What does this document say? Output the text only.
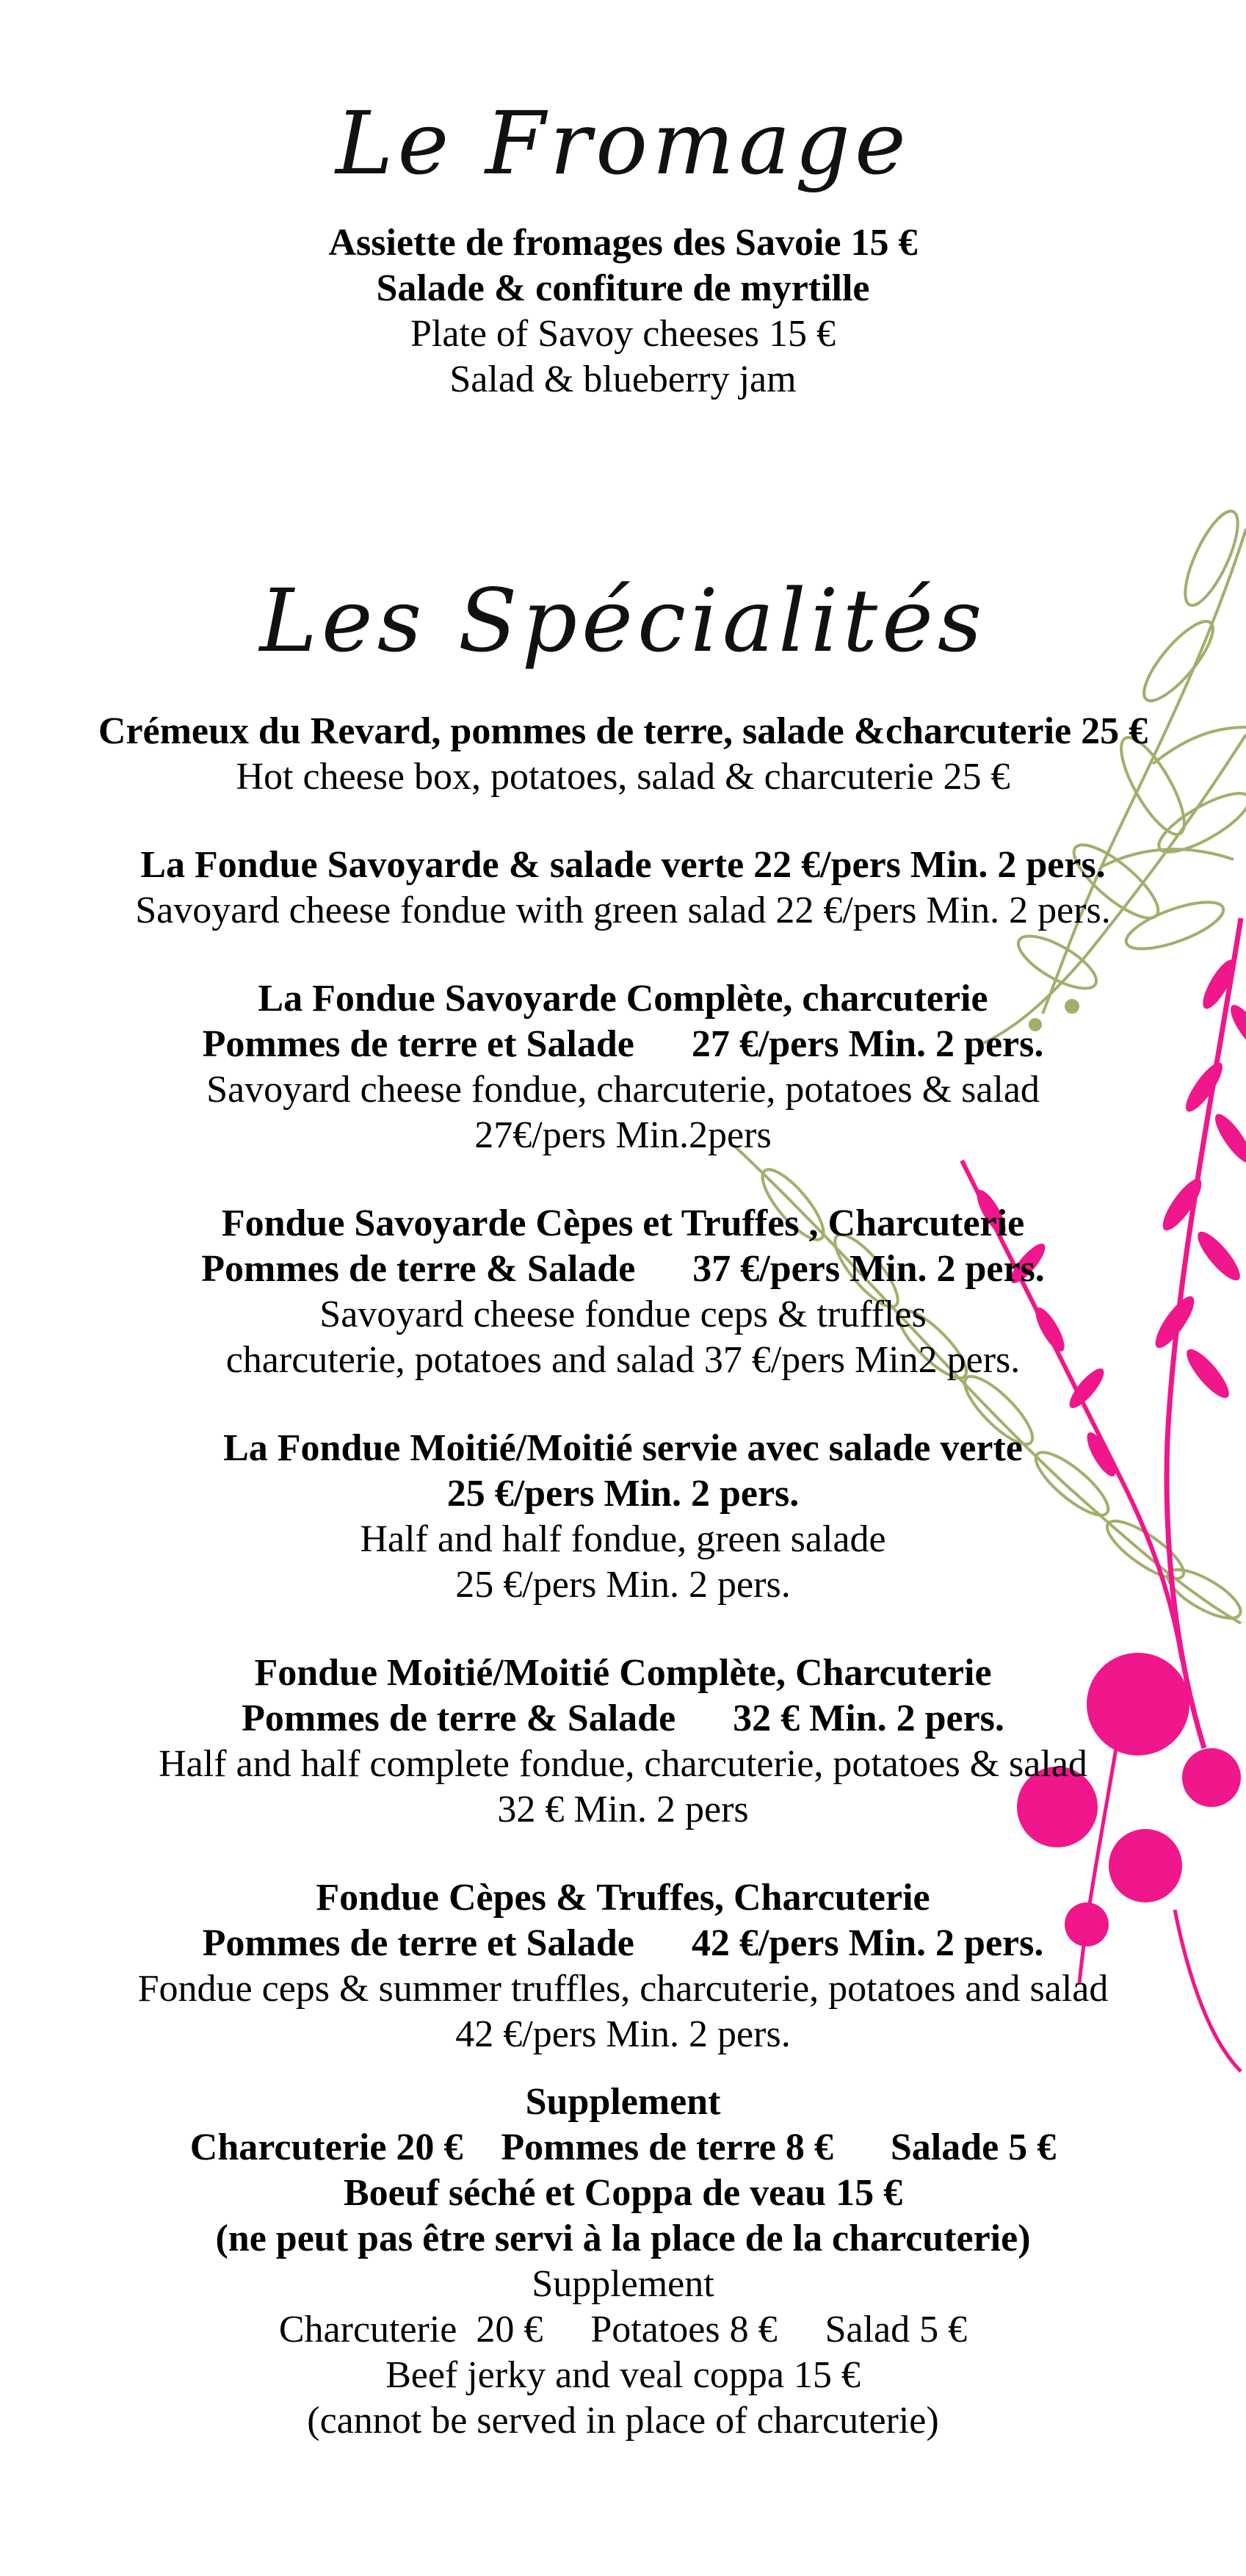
Le Fromage
Assiette de fromages des Savoie 15 €
Salade & confiture de myrtille
Plate of Savoy cheeses 15 €
Salad & blueberry jam
Les Spécialités
Crémeux du Revard, pommes de terre, salade &charcuterie 25 €
Hot cheese box, potatoes, salad & charcuterie 25 €
La Fondue Savoyarde & salade verte 22 €/pers Min. 2 pers.
Savoyard cheese fondue with green salad 22 €/pers Min. 2 pers.
La Fondue Savoyarde Complète, charcuterie
Pommes de terre et Salade      27 €/pers Min. 2 pers.
Savoyard cheese fondue, charcuterie, potatoes & salad
27€/pers Min.2pers
Fondue Savoyarde Cèpes et Truffes , Charcuterie
Pommes de terre & Salade      37 €/pers Min. 2 pers.
Savoyard cheese fondue ceps & truffles
charcuterie, potatoes and salad 37 €/pers Min2 pers.
La Fondue Moitié/Moitié servie avec salade verte
25 €/pers Min. 2 pers.
Half and half fondue, green salade
25 €/pers Min. 2 pers.
Fondue Moitié/Moitié Complète, Charcuterie
Pommes de terre & Salade      32 € Min. 2 pers.
Half and half complete fondue, charcuterie, potatoes & salad
32 € Min. 2 pers
Fondue Cèpes & Truffes, Charcuterie
Pommes de terre et Salade      42 €/pers Min. 2 pers.
Fondue ceps & summer truffles, charcuterie, potatoes and salad
42 €/pers Min. 2 pers.
Supplement
Charcuterie 20 €    Pommes de terre 8 €      Salade 5 €
Boeuf séché et Coppa de veau 15 €
(ne peut pas être servi à la place de la charcuterie)
Supplement
Charcuterie  20 €     Potatoes 8 €     Salad 5 €
Beef jerky and veal coppa 15 €
(cannot be served in place of charcuterie)
